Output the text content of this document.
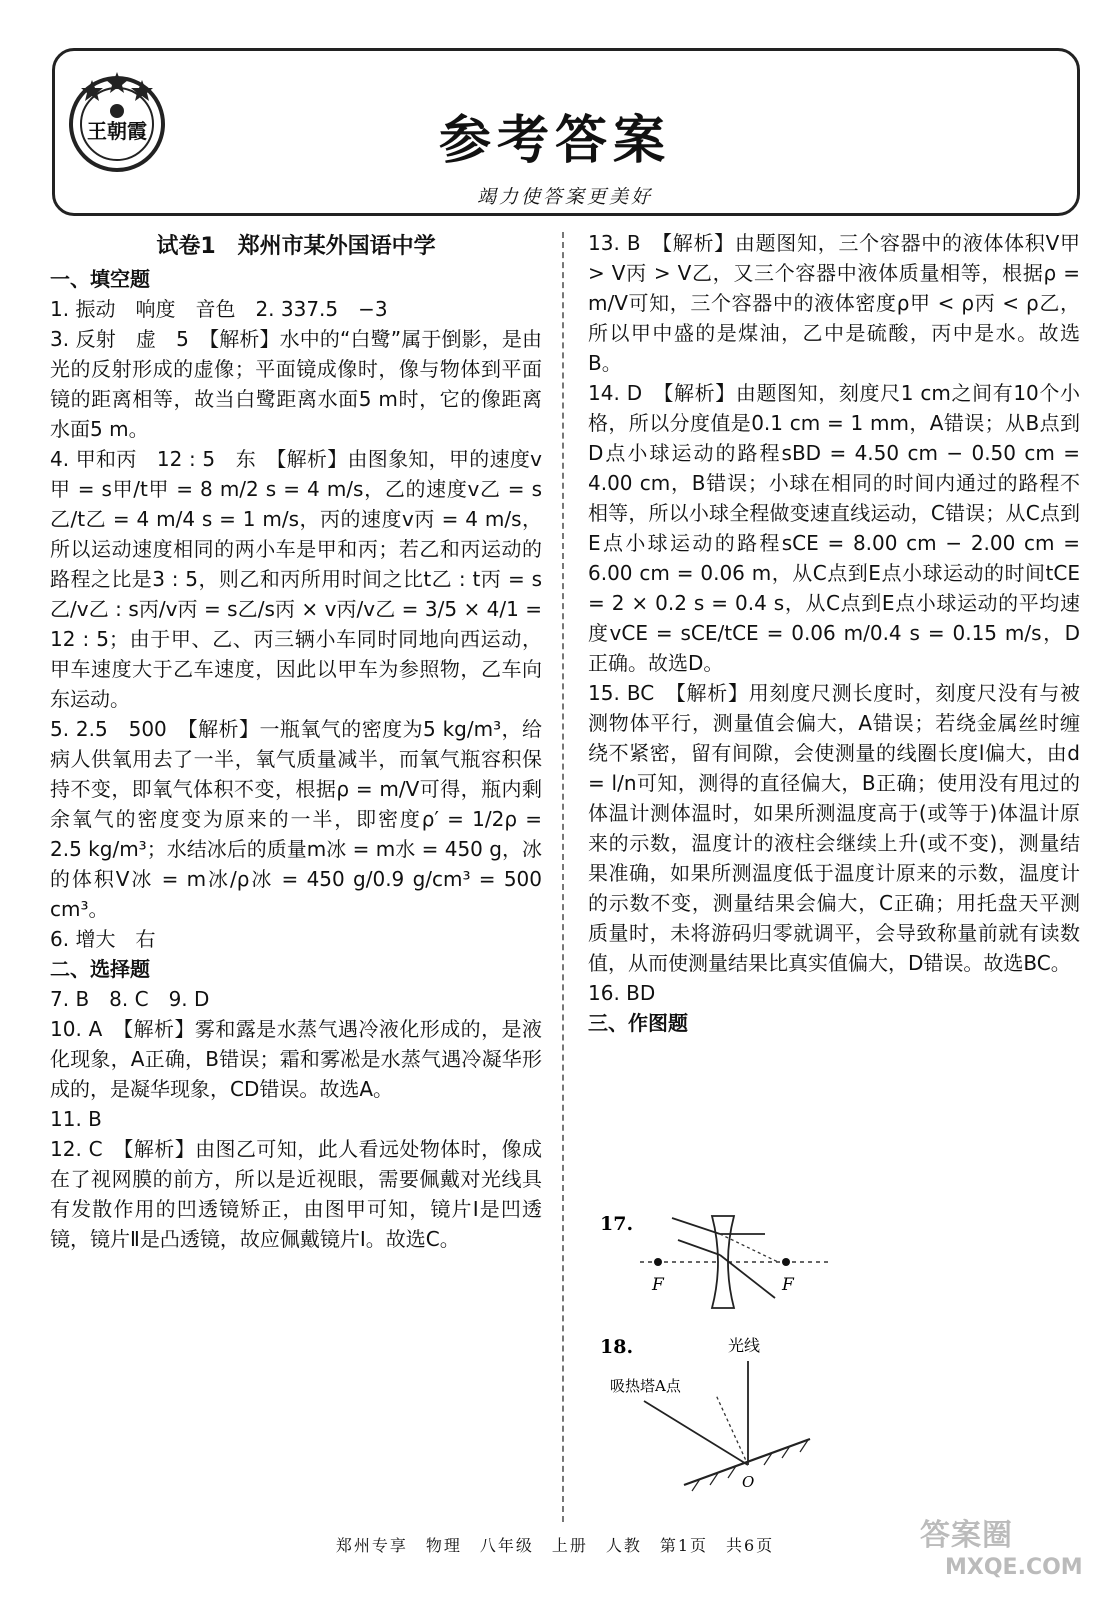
王朝霞	参考答案
竭力使答案更美好

试卷1　郑州市某外国语中学

一、填空题

1. 振动　响度　音色　2. 337.5　−3

3. 反射　虚　5　【解析】水中的“白鹭”属于倒影，是由光的反射形成的虚像；平面镜成像时，像与物体到平面镜的距离相等，故当白鹭距离水面5 m时，它的像距离水面5 m。

4. 甲和丙　12 : 5　东　【解析】由图象知，甲的速度v甲 = s甲/t甲 = 8 m/2 s = 4 m/s，乙的速度v乙 = s乙/t乙 = 4 m/4 s = 1 m/s，丙的速度v丙 = 4 m/s，所以运动速度相同的两小车是甲和丙；若乙和丙运动的路程之比是3 : 5，则乙和丙所用时间之比t乙 : t丙 = s乙/v乙 : s丙/v丙 = s乙/s丙 × v丙/v乙 = 3/5 × 4/1 = 12 : 5；由于甲、乙、丙三辆小车同时同地向西运动，甲车速度大于乙车速度，因此以甲车为参照物，乙车向东运动。

5. 2.5　500　【解析】一瓶氧气的密度为5 kg/m³，给病人供氧用去了一半，氧气质量减半，而氧气瓶容积保持不变，即氧气体积不变，根据ρ = m/V可得，瓶内剩余氧气的密度变为原来的一半，即密度ρ′ = 1/2ρ = 2.5 kg/m³；水结冰后的质量m冰 = m水 = 450 g，冰的体积V冰 = m冰/ρ冰 = 450 g/0.9 g/cm³ = 500 cm³。

6. 增大　右

二、选择题

7. B　8. C　9. D

10. A　【解析】雾和露是水蒸气遇冷液化形成的，是液化现象，A正确，B错误；霜和雾凇是水蒸气遇冷凝华形成的，是凝华现象，CD错误。故选A。

11. B

12. C　【解析】由图乙可知，此人看远处物体时，像成在了视网膜的前方，所以是近视眼，需要佩戴对光线具有发散作用的凹透镜矫正，由图甲可知，镜片Ⅰ是凹透镜，镜片Ⅱ是凸透镜，故应佩戴镜片Ⅰ。故选C。

13. B　【解析】由题图知，三个容器中的液体体积V甲 > V丙 > V乙，又三个容器中液体质量相等，根据ρ = m/V可知，三个容器中的液体密度ρ甲 < ρ丙 < ρ乙，所以甲中盛的是煤油，乙中是硫酸，丙中是水。故选B。

14. D　【解析】由题图知，刻度尺1 cm之间有10个小格，所以分度值是0.1 cm = 1 mm，A错误；从B点到D点小球运动的路程sBD = 4.50 cm − 0.50 cm = 4.00 cm，B错误；小球在相同的时间内通过的路程不相等，所以小球全程做变速直线运动，C错误；从C点到E点小球运动的路程sCE = 8.00 cm − 2.00 cm = 6.00 cm = 0.06 m，从C点到E点小球运动的时间tCE = 2 × 0.2 s = 0.4 s，从C点到E点小球运动的平均速度vCE = sCE/tCE = 0.06 m/0.4 s = 0.15 m/s，D正确。故选D。

15. BC　【解析】用刻度尺测长度时，刻度尺没有与被测物体平行，测量值会偏大，A错误；若绕金属丝时缠绕不紧密，留有间隙，会使测量的线圈长度l偏大，由d = l/n可知，测得的直径偏大，B正确；使用没有甩过的体温计测体温时，如果所测温度高于(或等于)体温计原来的示数，温度计的液柱会继续上升(或不变)，测量结果准确，如果所测温度低于温度计原来的示数，温度计的示数不变，测量结果会偏大，C正确；用托盘天平测质量时，未将游码归零就调平，会导致称量前就有读数值，从而使测量结果比真实值偏大，D错误。故选BC。

16. BD

三、作图题

17.
F	F
18.	光线
吸热塔A点
O
郑州专享　物理　八年级　上册　人教　第1页　共6页	答案圈
MXQE.COM
